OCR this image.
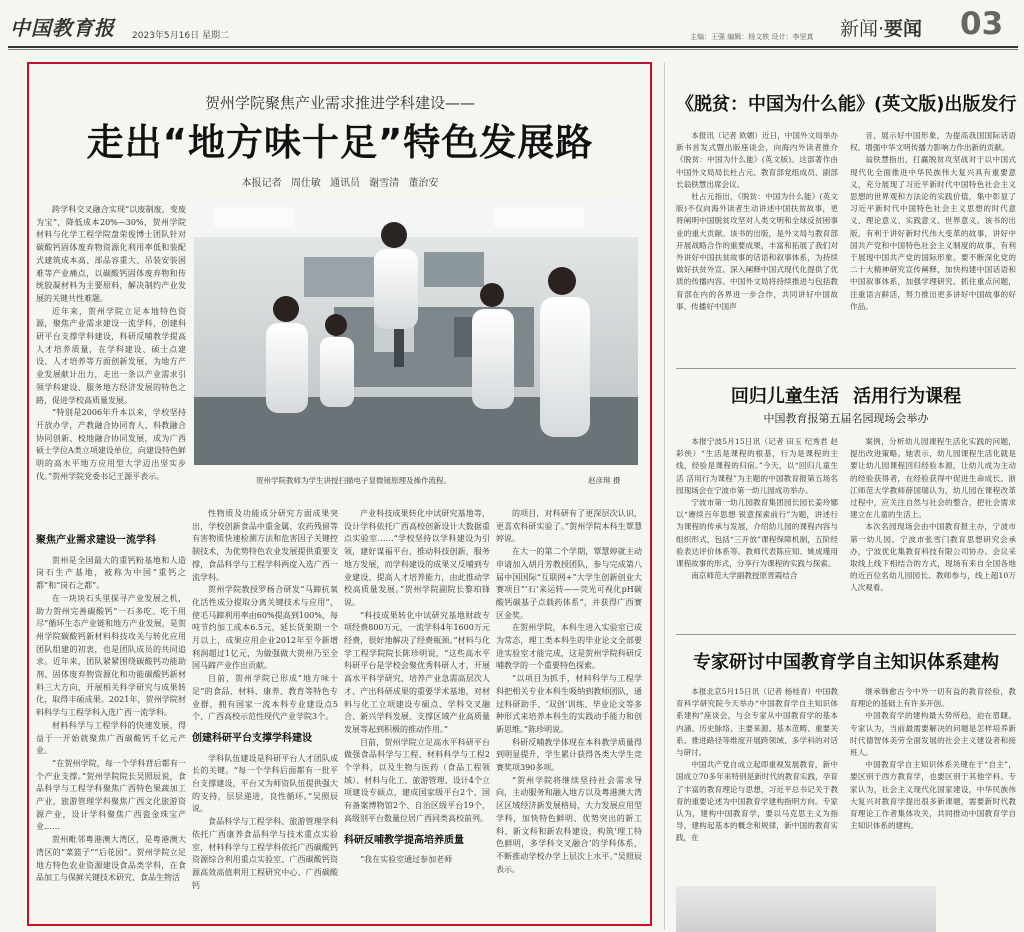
中国教育报 2023年5月16日 星期二	主编：王强 编辑：杨文轶 设计：李坚真 新闻·要闻 03
贺州学院聚焦产业需求推进学科建设——
走出“地方味十足”特色发展路
本报记者 周仕敏 通讯员 谢雪清 董治安

跨学科交叉融合实现“以废制废，变废为宝”，降低成本20%—30%，贺州学院材料与化学工程学院盘荣俊博士团队针对碳酸钙固体废弃物资源化利用率低和装配式建筑成本高、部品容重大、吊装安装困难等产业痛点，以碳酸钙固体废弃物和传统胶凝材料为主要原料，解决制约产业发展的关键共性难题。

近年来，贺州学院立足本地特色资源，聚焦产业需求建设一流学科，创建科研平台支撑学科建设，科研反哺教学提高人才培养质量，在学科建设、硕士点建设、人才培养等方面创新发展，为地方产业发展献计出力，走出一条以产业需求引领学科建设、服务地方经济发展的特色之路，促进学校高质量发展。

“特别是2006年升本以来，学校坚持开放办学，产教融合协同育人、科教融合协同创新、校地融合协同发展，成为广西硕士学位A类立项建设单位，向建设特色鲜明的高水平地方应用型大学迈出坚实步伐。”贺州学院党委书记王源平表示。

聚焦产业需求建设一流学科

贺州是全国最大的重钙粉基地和人造岗石生产基地，被称为中国“重钙之都”和“岗石之都”。

在一块块石头里探寻产业发展之机，助力贺州完善碳酸钙“一石多吃、吃干用尽”循环生态产业链和地方产业发展，是贺州学院碳酸钙新材料科技攻关与转化应用团队组建的初衷，也是团队成员的共同追求。近年来，团队紧紧围绕碳酸钙功能助剂、固体废弃物资源化和功能碳酸钙新材料三大方向，开展相关科学研究与成果转化，取得丰硕成果。2021年，贺州学院材料科学与工程学科入选广西一流学科。

材料科学与工程学科的快速发展，得益于一开始就聚焦广西碳酸钙千亿元产业。

“在贺州学院，每一个学科背后都有一个产业支撑。”贺州学院院长吴照辰说，食品科学与工程学科聚焦广西特色果蔬加工产业，旅游管理学科聚焦广西文化旅游资源产业，设计学科聚焦广西瓷金珠宝产业……

贺州毗邻粤港澳大湾区，是粤港澳大湾区的“菜篮子”“后花园”。贺州学院立足地方特色农业资源建设食品类学科，在食品加工与保鲜关键技术研究、食品生物活

贺州学院教师为学生讲授扫描电子显微镜原理及操作流程。	赵彦琪 摄

性物质及功能成分研究方面成果突出，学校创新食品中重金属、农药残留等有害物质快速检测方法和危害因子关键控制技术，为优势特色农业发展提供重要支撑，食品科学与工程学科两度入选广西一流学科。

贺州学院教授罗杨合研发“马蹄抗氧化活性成分提取分离关键技术与应用”，使毛马蹄利用率由60%提高到100%，每吨节约加工成本6.5元，延长货架期一个月以上，成果应用企业2012年至今新增利润超过1亿元，为做强做大贺州乃至全国马蹄产业作出贡献。

目前，贺州学院已形成“地方味十足”的食品、材料、康养、教育等特色专业群，拥有国家一流本科专业建设点5个、广西高校示范性现代产业学院3个。

创建科研平台支撑学科建设

学科队伍建设是科研平台人才团队成长的关键。“每一个学科后面都有一批平台支撑建设，平台又为师资队伍提供强大的支持，层层递进，良性循环。”吴照辰说。

食品科学与工程学科、旅游管理学科依托广西康养食品科学与技术重点实验室，材料科学与工程学科依托广西碳酸钙资源综合利用重点实验室、广西碳酸钙资源高效高值利用工程研究中心、广西碳酸钙

产业科技成果转化中试研究基地等，设计学科依托广西高校创新设计大数据重点实验室……“学校坚持以学科建设为引领，建好谋福平台，推动科技创新，服务地方发展，而学科建设的成果又反哺到专业建设、提高人才培养能力，由此推动学校高质量发展。”贺州学院副院长黎珀锋说。

“科技成果转化中试研究基地财政专项经费800万元，一流学科4年1600万元经费，很好地解决了经费瓶颈。”材料与化学工程学院院长陈珍明说，“这些高水平科研平台是学校会聚优秀科研人才，开展高水平科学研究、培养产业急需高层次人才、产出科研成果的重要学术基地，对材料与化工立项建设专硕点、学科交叉融合、新兴学科发展、支撑区域产业高质量发展等起到积极的推动作用。”

目前，贺州学院立足高水平科研平台做强食品科学与工程、材料科学与工程2个学科，以及生物与医药（食品工程领域）、材料与化工、旅游管理、设计4个立项建设专硕点，建成国家级平台2个、国有备案博物馆2个、自治区级平台19个，高级别平台数量位居广西同类高校前列。

科研反哺教学提高培养质量

“我在实验室通过参加老师

的项目，对科研有了更深层次认识，更喜欢科研实验了。”贺州学院本科生覃慧婷说。

在大一的第二个学期，覃慧婷就主动申请加入胡月芳教授团队，参与完成第八届中国国际“互联网+”大学生创新创业大赛项目“‘石’来运转——荧光可视化pH碳酸钙碳基子点载药体系”，并获得广西赛区金奖。

在贺州学院，本科生进入实验室已成为常态，理工类本科生的毕业论文全部要进实验室才能完成，这是贺州学院科研反哺教学的一个重要特色探索。

“以项目为抓手，材料科学与工程学科把相关专业本科生吸纳到教师团队，通过科研助手、‘双创’训练、毕业论文等多种形式来培养本科生的实践动手能力和创新思维。”陈珍明说。

科研反哺教学体现在本科教学质量得到明显提升，学生累计获得各类大学生竞赛奖项390多项。

“贺州学院将继续坚持社会需求导向，主动服务和融入地方以及粤港澳大湾区区域经济新发展格局，大力发展应用型学科，加快特色鲜明、优势突出的新工科、新文科和新农科建设，构筑‘理工特色鲜明，多学科交叉融合’的学科体系，不断推动学校办学上层次上水平。”吴照辰表示。

《脱贫：中国为什么能》(英文版)出版发行

本报讯（记者 欧媚）近日，中国外文局举办新书首发式暨出版座谈会，向海内外读者推介《脱贫：中国为什么能》(英文版)。这部著作由中国外文局局长杜占元、教育部党组成员、副部长翁铁慧出席会议。

杜占元指出，《脱贫：中国为什么能》(英文版)不仅向海外读者生动讲述中国扶贫故事，更将阐明中国脱贫攻坚对人类文明和全球反贫困事业的重大贡献。该书的出版，是外文局与教育部开展战略合作的重要成果，丰富和拓展了我们对外讲好中国扶贫故事的话语和叙事体系，为持续做好扶贫外宣、深入阐释中国式现代化提供了优质的传播内容。中国外文局将持续推进与包括教育部在内的各界进一步合作，共同讲好中国故事、传播好中国声

音，展示好中国形象，为提高我国国际话语权、增强中华文明传播力影响力作出新的贡献。

翁铁慧指出，打赢脱贫攻坚战对于以中国式现代化全面推进中华民族伟大复兴具有重要意义，充分展现了习近平新时代中国特色社会主义思想的世界观和方法论的实践价值，集中彰显了习近平新时代中国特色社会主义思想的时代意义、理论意义、实践意义、世界意义。该书的出版，有利于讲好新时代伟大变革的故事，讲好中国共产党和中国特色社会主义制度的故事，有利于展现中国共产党的国际形象。要不断深化党的二十大精神研究宣传阐释，加快构建中国话语和中国叙事体系，加强学理研究、抓住重点问题，注重语言鲜活，努力推出更多讲好中国故事的好作品。

回归儿童生活 活用行为课程
中国教育报第五届名园现场会举办

本报宁波5月15日讯（记者 田玉 纪秀君 赵彩侠）“生活是课程的根基，行为是课程的主线，经验是课程的归宿。”今天，以“回归儿童生活 活用行为课程”为主题的中国教育报第五场名园现场会在宁波市第一幼儿园成功举办。

宁波市第一幼儿园教育集团园长园长姜玲娜以“赓续百年思想 锐意探索前行”为题，讲述行为课程的传承与发展，介绍幼儿园的课程内容与组织形式，包括“三开放”课程保障机制，五阶经验表达评价体系等。教师代表陈应知、姚成瑾用课程故事的形式，分享行为课程的实践与探索。

南京师范大学副教授原晋霞结合

案例，分析幼儿园课程生活化实践的问题，提出改进策略。她表示，幼儿园课程生活化就是要让幼儿园课程回归经验本源，让幼儿成为主动的经验获得者，在经验获得中促进生命成长。浙江师范大学教师薛国瑞认为，幼儿园在课程改革过程中，应关注自然与社会的整合，把社会需求建立在儿童的生活上。

本次名园现场会由中国教育报主办，宁波市第一幼儿园、宁波市张雪门教育思想研究会承办，宁波优化集教育科技有限公司协办。会议采取线上线下相结合的方式，现场有来自全国各地的近百位名幼儿园园长、教师参与，线上超10万人次观看。

专家研讨中国教育学自主知识体系建构

本报北京5月15日讯（记者 杨桂青）中国教育科学研究院今天举办“中国教育学自主知识体系建构”座谈会，与会专家从中国教育学的基本内涵、历史脉络、主要来源、基本范畴、重要关系、推进路径等维度开展跨领域、多学科的对话与研讨。

中国共产党自成立起即重视发展教育，新中国成立70多年来特别是新时代的教育实践，孕育了丰富的教育理论与思想，习近平总书记关于教育的重要论述为中国教育学建构指明方向。专家认为，建构中国教育学，要以马克思主义为指导，建构起基本的概念和规律，新中国的教育实践，在

继承韩愈古今中外一切有益的教育经验，教育理论的基础上有许多开创。

中国教育学的建构最大势所趋，迫在眉睫。专家认为，当前最需要解决的问题是怎样培养新时代德智体美劳全面发展的社会主义建设者和接班人。

中国教育学自主知识体系关键在于“自主”，要区别于西方教育学，也要区别于其他学科。专家认为，社会主义现代化国家建设，中华民族伟大复兴对教育学提出很多新课题，需要新时代教育理论工作者集体攻关，共同推动中国教育学自主知识体系的建构。
